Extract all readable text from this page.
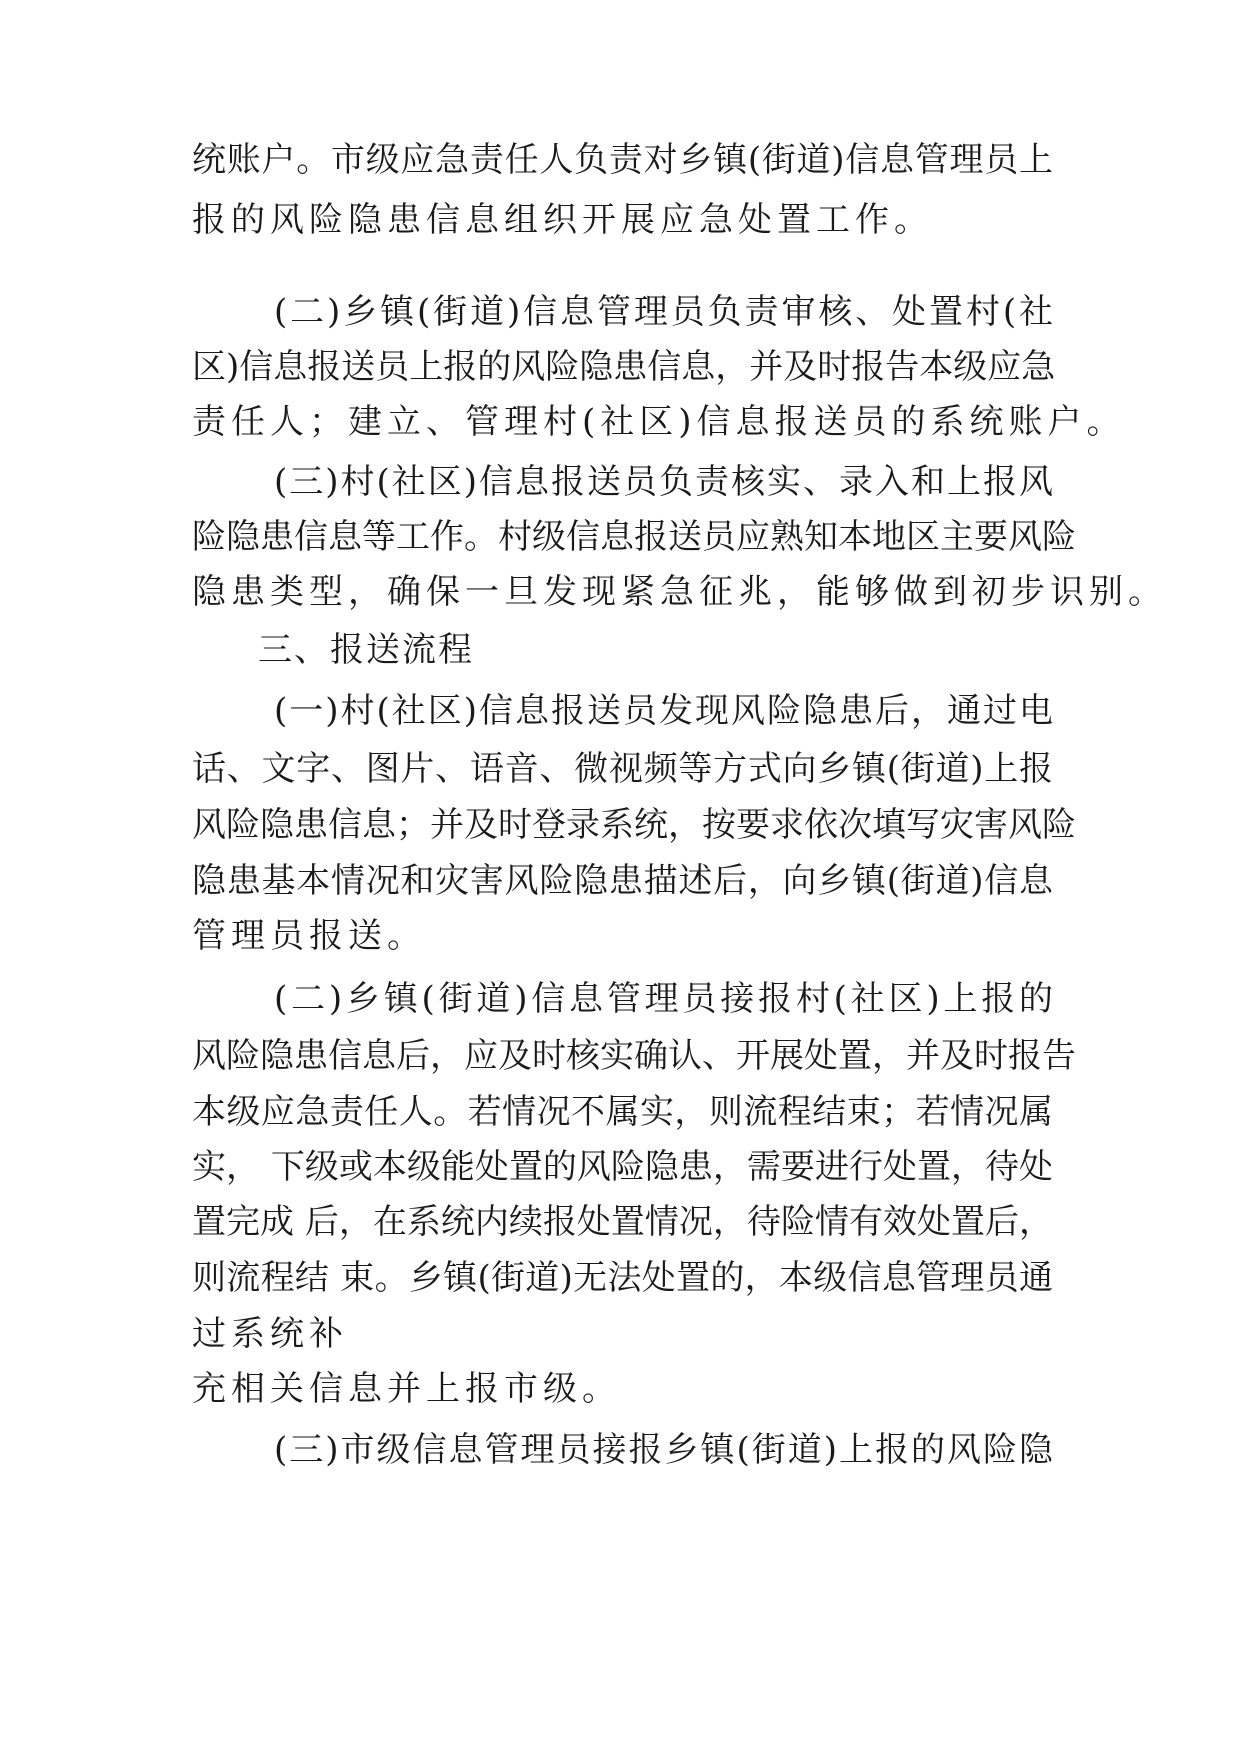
统账户。市级应急责任人负责对乡镇(街道)信息管理员上
报的风险隐患信息组织开展应急处置工作。
(二)乡镇(街道)信息管理员负责审核、处置村(社
区)信息报送员上报的风险隐患信息，并及时报告本级应急
责任人；建立、管理村(社区)信息报送员的系统账户。
(三)村(社区)信息报送员负责核实、录入和上报风
险隐患信息等工作。村级信息报送员应熟知本地区主要风险
隐患类型，确保一旦发现紧急征兆，能够做到初步识别。
三、报送流程
(一)村(社区)信息报送员发现风险隐患后，通过电
话、文字、图片、语音、微视频等方式向乡镇(街道)上报
风险隐患信息；并及时登录系统，按要求依次填写灾害风险
隐患基本情况和灾害风险隐患描述后，向乡镇(街道)信息
管理员报送。
(二)乡镇(街道)信息管理员接报村(社区)上报的
风险隐患信息后，应及时核实确认、开展处置，并及时报告
本级应急责任人。若情况不属实，则流程结束；若情况属
实， 下级或本级能处置的风险隐患，需要进行处置，待处
置完成 后，在系统内续报处置情况，待险情有效处置后，
则流程结 束。乡镇(街道)无法处置的，本级信息管理员通
过系统补
充相关信息并上报市级。
(三)市级信息管理员接报乡镇(街道)上报的风险隐
